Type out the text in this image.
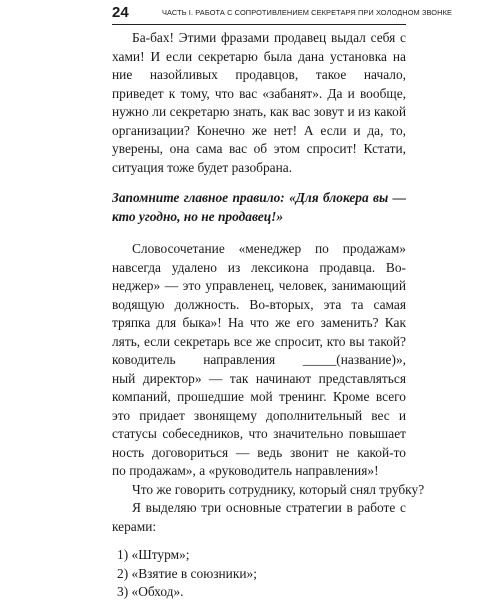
24	ЧАСТЬ I. РАБОТА С СОПРОТИВЛЕНИЕМ СЕКРЕТАРЯ ПРИ ХОЛОДНОМ ЗВОНКЕ
Ба-бах! Этими фразами продавец выдал себя с
хами! И если секретарю была дана установка на
ние назойливых продавцов, такое начало,
приведет к тому, что вас «забанят». Да и вообще,
нужно ли секретарю знать, как вас зовут и из какой
организации? Конечно же нет! А если и да, то,
уверены, она сама вас об этом спросит! Кстати,
ситуация тоже будет разобрана.
Запомните главное правило: «Для блокера вы —
кто угодно, но не продавец!»
Словосочетание «менеджер по продажам»
навсегда удалено из лексикона продавца. Во-
неджер» — это управленец, человек, занимающий
водящую должность. Во-вторых, эта та самая
тряпка для быка»! На что же его заменить? Как
лять, если секретарь все же спросит, кто вы такой?
ководитель направления _____(название)»,
ный директор» — так начинают представляться
компаний, прошедшие мой тренинг. Кроме всего
это придает звонящему дополнительный вес и
статусы собеседников, что значительно повышает
ность договориться — ведь звонит не какой-то
по продажам», а «руководитель направления»!
Что же говорить сотруднику, который снял трубку?
Я выделяю три основные стратегии в работе с
керами:
1) «Штурм»;
2) «Взятие в союзники»;
3) «Обход».
